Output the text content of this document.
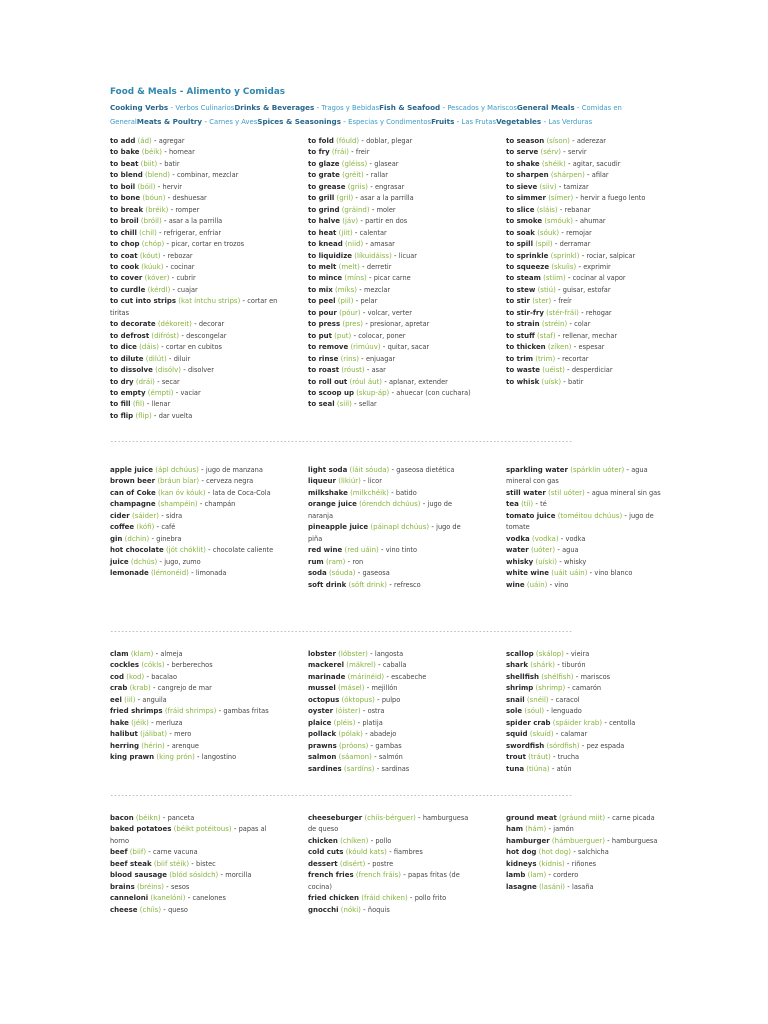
Food & Meals - Alimento y Comidas
Cooking Verbs - Verbos CulinariosDrinks & Beverages - Tragos y BebidasFish & Seafood - Pescados y MariscosGeneral Meals - Comidas en GeneralMeats & Poultry - Carnes y AvesSpices & Seasonings - Especias y CondimentosFruits - Las FrutasVegetables - Las Verduras
to add (ád) - agregar
to bake (béik) - hornear
to beat (biit) - batir
to blend (blend) - combinar, mezclar
to boil (bóil) - hervir
to bone (bóun) - deshuesar
to break (bréik) - romper
to broil (bróil) - asar a la parrilla
to chill (chil) - refrigerar, enfriar
to chop (chóp) - picar, cortar en trozos
to coat (kóut) - rebozar
to cook (kúuk) - cocinar
to cover (kóver) - cubrir
to curdle (kérdl) - cuajar
to cut into strips (kat íntchu strips) - cortar en tiritas
to decorate (dékoreit) - decorar
to defrost (difróst) - descongelar
to dice (dáis) - cortar en cubitos
to dilute (dilút) - diluir
to dissolve (disólv) - disolver
to dry (drái) - secar
to empty (émpti) - vaciar
to fill (fil) - llenar
to flip (flip) - dar vuelta
to fold (fóuld) - doblar, plegar
to fry (frái) - freir
to glaze (gléiss) - glasear
to grate (gréit) - rallar
to grease (griis) - engrasar
to grill (gril) - asar a la parrilla
to grind (gráind) - moler
to halve (jáv) - partir en dos
to heat (jiit) - calentar
to knead (niid) - amasar
to liquidize (líkuidáiss) - licuar
to melt (melt) - derretir
to mince (míns) - picar carne
to mix (míks) - mezclar
to peel (piil) - pelar
to pour (póur) - volcar, verter
to press (pres) - presionar, apretar
to put (put) - colocar, poner
to remove (rimúuv) - quitar, sacar
to rinse (rins) - enjuagar
to roast (róust) - asar
to roll out (róul áut) - aplanar, extender
to scoop up (skup-áp) - ahuecar (con cuchara)
to seal (siil) - sellar
to season (síson) - aderezar
to serve (sérv) - servir
to shake (shéik) - agitar, sacudir
to sharpen (shárpen) - afilar
to sieve (siiv) - tamizar
to simmer (símer) - hervir a fuego lento
to slice (sláis) - rebanar
to smoke (smóuk) - ahumar
to soak (sóuk) - remojar
to spill (spil) - derramar
to sprinkle (sprinkl) - rociar, salpicar
to squeeze (skuíis) - exprimir
to steam (stiim) - cocinar al vapor
to stew (stiú) - guisar, estofar
to stir (ster) - freír
to stir-fry (stér-frái) - rehogar
to strain (stréin) - colar
to stuff (staf) - rellenar, mechar
to thicken (zíken) - espesar
to trim (trim) - recortar
to waste (uéist) - desperdiciar
to whisk (uísk) - batir
--------------------------------------------------------------------------------------------------------------------------------
apple juice (ápl dchúus) - jugo de manzana
brown beer (bráun bíar) - cerveza negra
can of Coke (kan óv kóuk) - lata de Coca-Cola
champagne (shampéin) - champán
cider (sáider) - sidra
coffee (kófi) - café
gin (dchin) - ginebra
hot chocolate (jót chóklit) - chocolate caliente
juice (dchús) - jugo, zumo
lemonade (lémonéid) - limonada
light soda (láit sóuda) - gaseosa dietética
liqueur (likiúr) - licor
milkshake (milkchéik) - batido
orange juice (órendch dchúus) - jugo de naranja
pineapple juice (páinapl dchúus) - jugo de piña
red wine (red uáin) - vino tinto
rum (ram) - ron
soda (sóuda) - gaseosa
soft drink (sóft drink) - refresco
sparkling water (spárklin uóter) - agua mineral con gas
still water (stil uóter) - agua mineral sin gas
tea (tíi) - té
tomato juice (toméitou dchúus) - jugo de tomate
vodka (vodka) - vodka
water (uóter) - agua
whisky (uíski) - whisky
white wine (uáit uáin) - vino blanco
wine (uáin) - vino
--------------------------------------------------------------------------------------------------------------------------------
clam (klam) - almeja
cockles (cókls) - berberechos
cod (kod) - bacalao
crab (krab) - cangrejo de mar
eel (iil) - anguila
fried shrimps (fráid shrimps) - gambas fritas
hake (jéik) - merluza
halibut (jálibat) - mero
herring (hérin) - arenque
king prawn (king prón) - langostino
lobster (lóbster) - langosta
mackerel (mákrel) - caballa
marinade (márinéid) - escabeche
mussel (másel) - mejillón
octopus (óktopus) - pulpo
oyster (óister) - ostra
plaice (pléis) - platija
pollack (pólak) - abadejo
prawns (próons) - gambas
salmon (sáamon) - salmón
sardines (sardíns) - sardinas
scallop (skálop) - vieira
shark (shárk) - tiburón
shellfish (shélfish) - mariscos
shrimp (shrimp) - camarón
snail (snéil) - caracol
sole (sóul) - lenguado
spider crab (spáider krab) - centolla
squid (skuíd) - calamar
swordfish (sórdfish) - pez espada
trout (tráut) - trucha
tuna (tiúna) - atún
--------------------------------------------------------------------------------------------------------------------------------
bacon (béikn) - panceta
baked potatoes (béikt potéitous) - papas al horno
beef (biif) - carne vacuna
beef steak (biif stéik) - bistec
blood sausage (blód sósidch) - morcilla
brains (bréins) - sesos
canneloni (kanelóni) - canelones
cheese (chíis) - queso
cheeseburger (chíis-bérguer) - hamburguesa de queso
chicken (chíken) - pollo
cold cuts (kóuld kats) - fiambres
dessert (disért) - postre
french fries (french fráis) - papas fritas (de cocina)
fried chicken (fráid chíken) - pollo frito
gnocchi (nóki) - ñoquis
ground meat (gráund miit) - carne picada
ham (hám) - jamón
hamburger (hámbuerguer) - hamburguesa
hot dog (hot dog) - salchicha
kidneys (kídnis) - riñones
lamb (lam) - cordero
lasagne (lasáni) - lasaña
